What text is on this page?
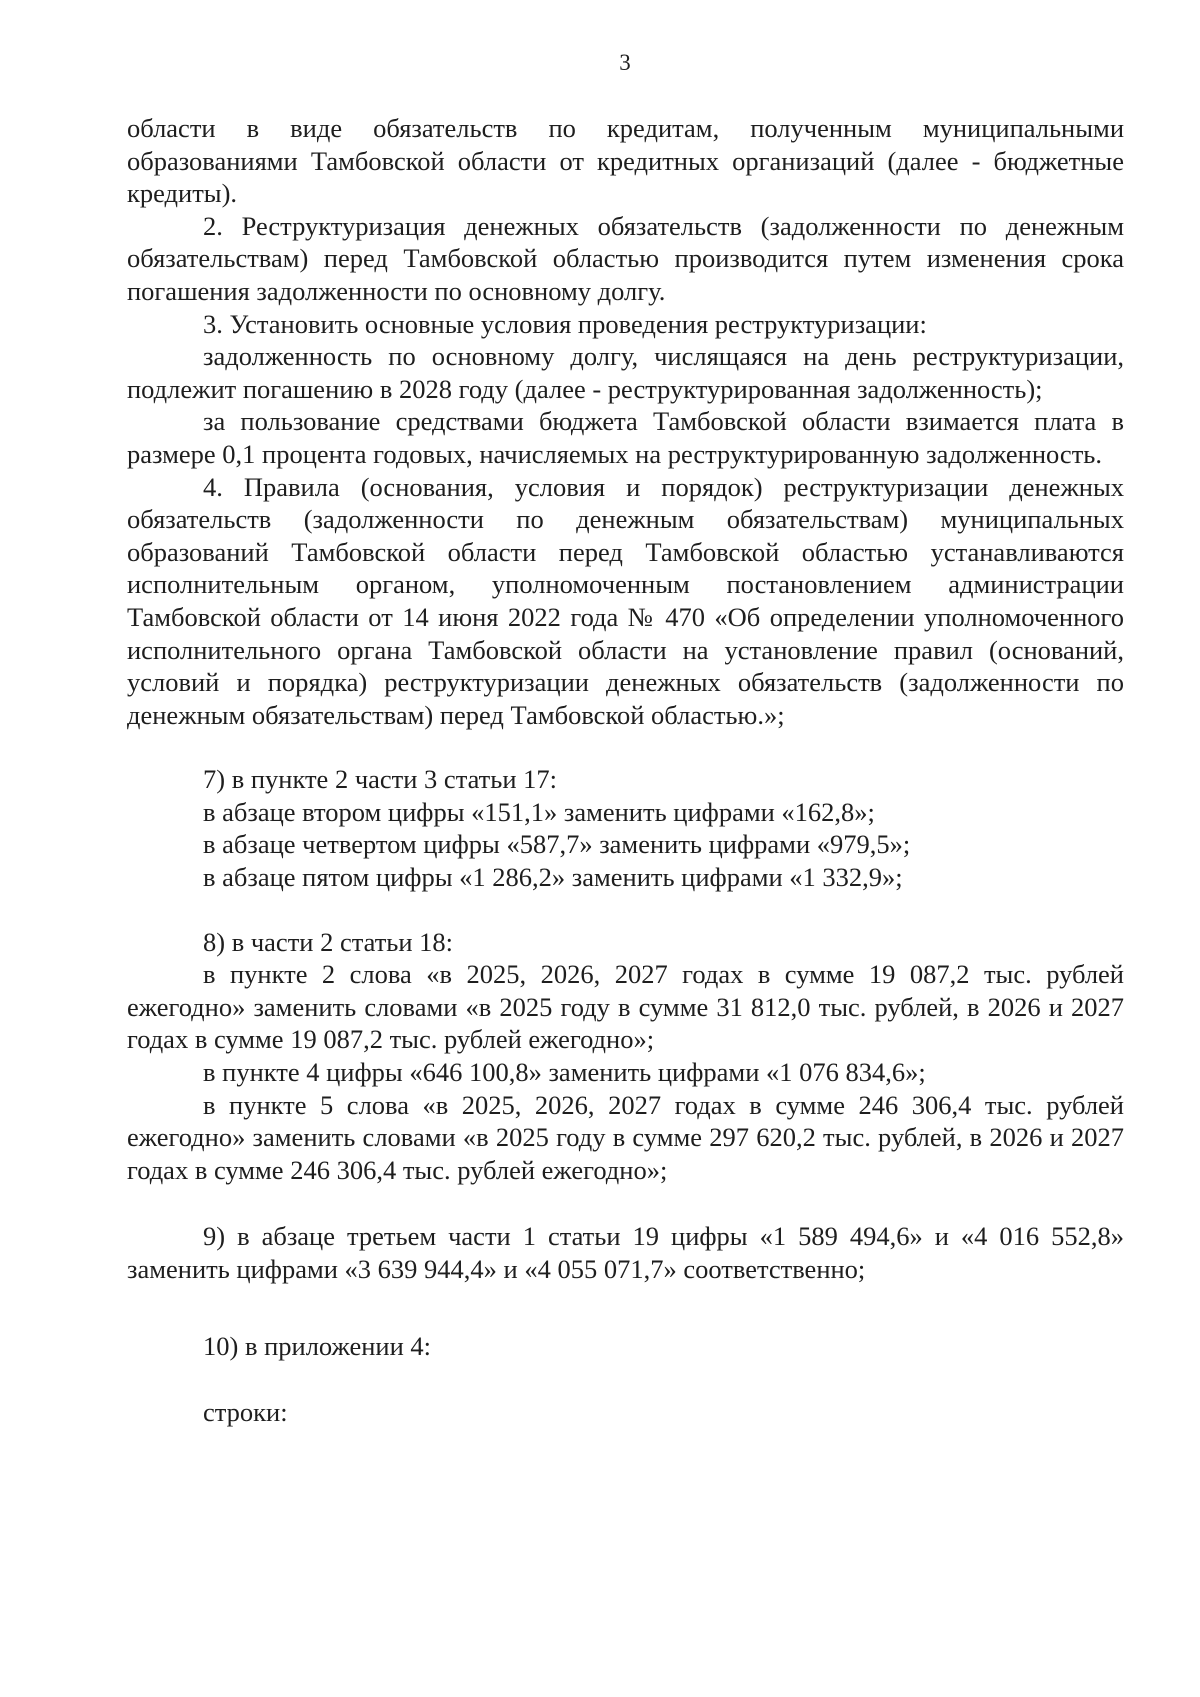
3

области в виде обязательств по кредитам, полученным муниципальными образованиями Тамбовской области от кредитных организаций (далее - бюджетные кредиты).

2. Реструктуризация денежных обязательств (задолженности по денежным обязательствам) перед Тамбовской областью производится путем изменения срока погашения задолженности по основному долгу.

3. Установить основные условия проведения реструктуризации:

задолженность по основному долгу, числящаяся на день реструктуризации, подлежит погашению в 2028 году (далее - реструктурированная задолженность);

за пользование средствами бюджета Тамбовской области взимается плата в размере 0,1 процента годовых, начисляемых на реструктурированную задолженность.

4. Правила (основания, условия и порядок) реструктуризации денежных обязательств (задолженности по денежным обязательствам) муниципальных образований Тамбовской области перед Тамбовской областью устанавливаются исполнительным органом, уполномоченным постановлением администрации Тамбовской области от 14 июня 2022 года № 470 «Об определении уполномоченного исполнительного органа Тамбовской области на установление правил (оснований, условий и порядка) реструктуризации денежных обязательств (задолженности по денежным обязательствам) перед Тамбовской областью.»;

7) в пункте 2 части 3 статьи 17:

в абзаце втором цифры «151,1» заменить цифрами «162,8»;

в абзаце четвертом цифры «587,7» заменить цифрами «979,5»;

в абзаце пятом цифры «1 286,2» заменить цифрами «1 332,9»;

8) в части 2 статьи 18:

в пункте 2 слова «в 2025, 2026, 2027 годах в сумме 19 087,2 тыс. рублей ежегодно» заменить словами «в 2025 году в сумме 31 812,0 тыс. рублей, в 2026 и 2027 годах в сумме 19 087,2 тыс. рублей ежегодно»;

в пункте 4 цифры «646 100,8» заменить цифрами «1 076 834,6»;

в пункте 5 слова «в 2025, 2026, 2027 годах в сумме 246 306,4 тыс. рублей ежегодно» заменить словами «в 2025 году в сумме 297 620,2 тыс. рублей, в 2026 и 2027 годах в сумме 246 306,4 тыс. рублей ежегодно»;

9) в абзаце третьем части 1 статьи 19 цифры «1 589 494,6» и «4 016 552,8» заменить цифрами «3 639 944,4» и «4 055 071,7» соответственно;

10) в приложении 4:

строки:
